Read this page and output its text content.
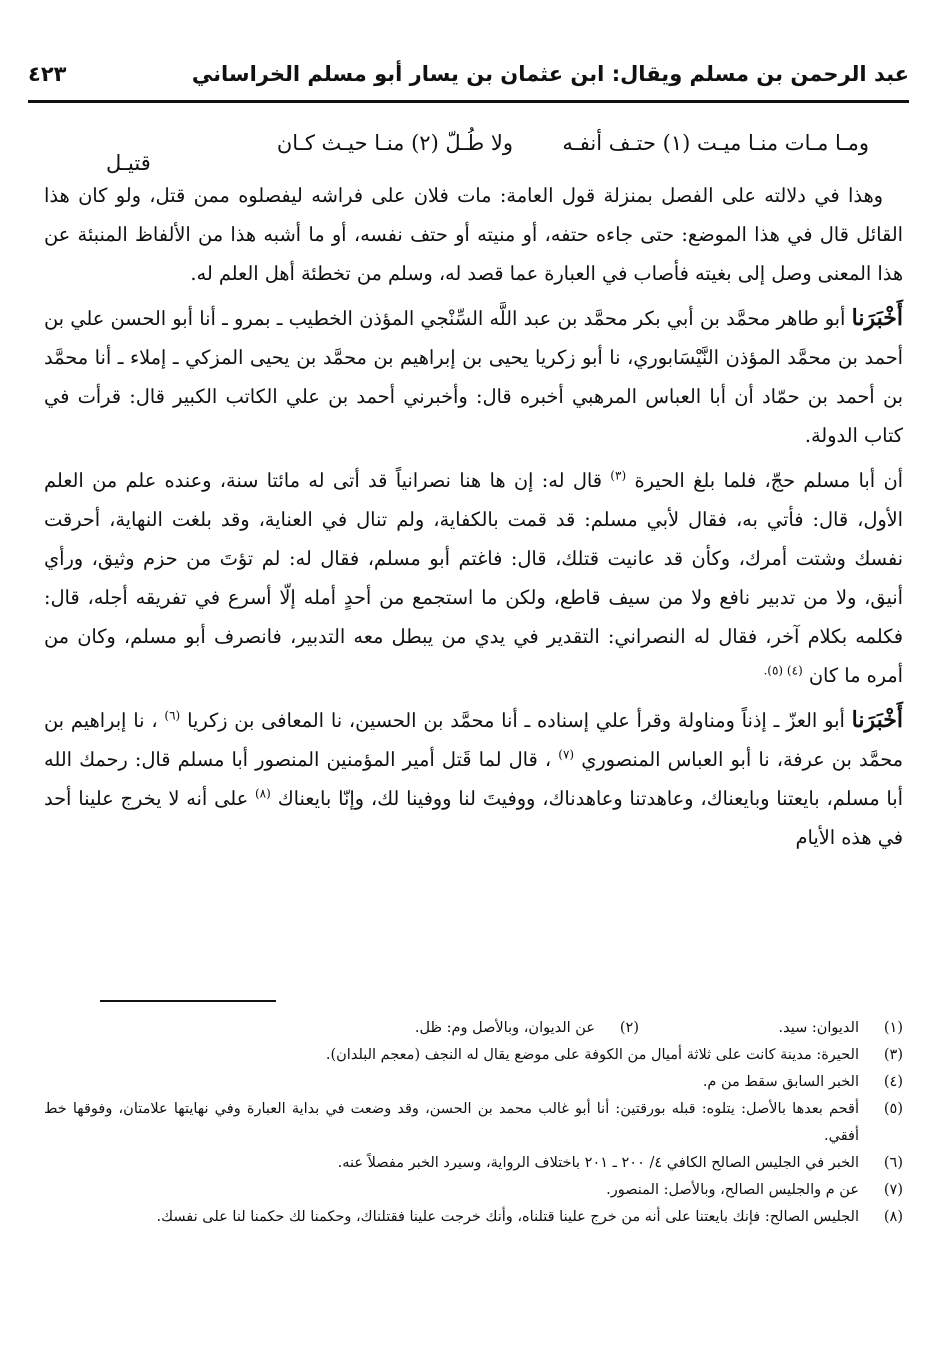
عبد الرحمن بن مسلم ويقال: ابن عثمان بن يسار أبو مسلم الخراساني
٤٢٣
ومـا مـات منـا ميـت (١) حتـف أنفـه
ولا طُـلّ (٢) منـا حيـث كـان
قتيـل

وهذا في دلالته على الفصل بمنزلة قول العامة: مات فلان على فراشه ليفصلوه ممن قتل، ولو كان هذا القائل قال في هذا الموضع: حتى جاءه حتفه، أو منيته أو حتف نفسه، أو ما أشبه هذا من الألفاظ المنبئة عن هذا المعنى وصل إلى بغيته فأصاب في العبارة عما قصد له، وسلم من تخطئة أهل العلم له.

أَخْبَرَنا أبو طاهر محمَّد بن أبي بكر محمَّد بن عبد اللَّه السِّنْجي المؤذن الخطيب ـ بمرو ـ أنا أبو الحسن علي بن أحمد بن محمَّد المؤذن النَّيْسَابوري، نا أبو زكريا يحيى بن إبراهيم بن محمَّد بن يحيى المزكي ـ إملاء ـ أنا محمَّد بن أحمد بن حمّاد أن أبا العباس المرهبي أخبره قال: وأخبرني أحمد بن علي الكاتب الكبير قال: قرأت في كتاب الدولة.

أن أبا مسلم حجّ، فلما بلغ الحيرة $^{(٣)}$ قال له: إن ها هنا نصرانياً قد أتى له مائتا سنة، وعنده علم من العلم الأول، قال: فأتي به، فقال لأبي مسلم: قد قمت بالكفاية، ولم تنال في العناية، وقد بلغت النهاية، أحرقت نفسك وشتت أمرك، وكأن قد عانيت قتلك، قال: فاغتم أبو مسلم، فقال له: لم تؤتَ من حزم وثيق، ورأي أنيق، ولا من تدبير نافع ولا من سيف قاطع، ولكن ما استجمع من أحدٍ أمله إلّا أسرع في تفريقه أجله، قال: فكلمه بكلام آخر، فقال له النصراني: التقدير في يدي من يبطل معه التدبير، فانصرف أبو مسلم، وكان من أمره ما كان $^{(٤) (٥).}$

أَخْبَرَنا أبو العزّ ـ إذناً ومناولة وقرأ علي إسناده ـ أنا محمَّد بن الحسين، نا المعافى بن زكريا $^{(٦)}$ ، نا إبراهيم بن محمَّد بن عرفة، نا أبو العباس المنصوري $^{(٧)}$ ، قال لما قَتل أمير المؤمنين المنصور أبا مسلم قال: رحمك الله أبا مسلم، بايعتنا وبايعناك، وعاهدتنا وعاهدناك، ووفيتَ لنا ووفينا لك، وإنّا بايعناك $^{(٨)}$ على أنه لا يخرج علينا أحد في هذه الأيام

(١)
الديوان: سيد.
(٢)
عن الديوان، وبالأصل وم: ظل.
(٣)
الحيرة: مدينة كانت على ثلاثة أميال من الكوفة على موضع يقال له النجف (معجم البلدان).
(٤)
الخبر السابق سقط من م.
(٥)
أقحم بعدها بالأصل: يتلوه: قبله بورقتين: أنا أبو غالب محمد بن الحسن، وقد وضعت في بداية العبارة وفي نهايتها علامتان، وفوقها خط أفقي.
(٦)
الخبر في الجليس الصالح الكافي ٤/ ٢٠٠ ـ ٢٠١ باختلاف الرواية، وسيرد الخبر مفصلاً عنه.
(٧)
عن م والجليس الصالح، وبالأصل: المنصور.
(٨)
الجليس الصالح: فإنك بايعتنا على أنه من خرج علينا قتلناه، وأنك خرجت علينا فقتلناك، وحكمنا لك حكمنا لنا على نفسك.
